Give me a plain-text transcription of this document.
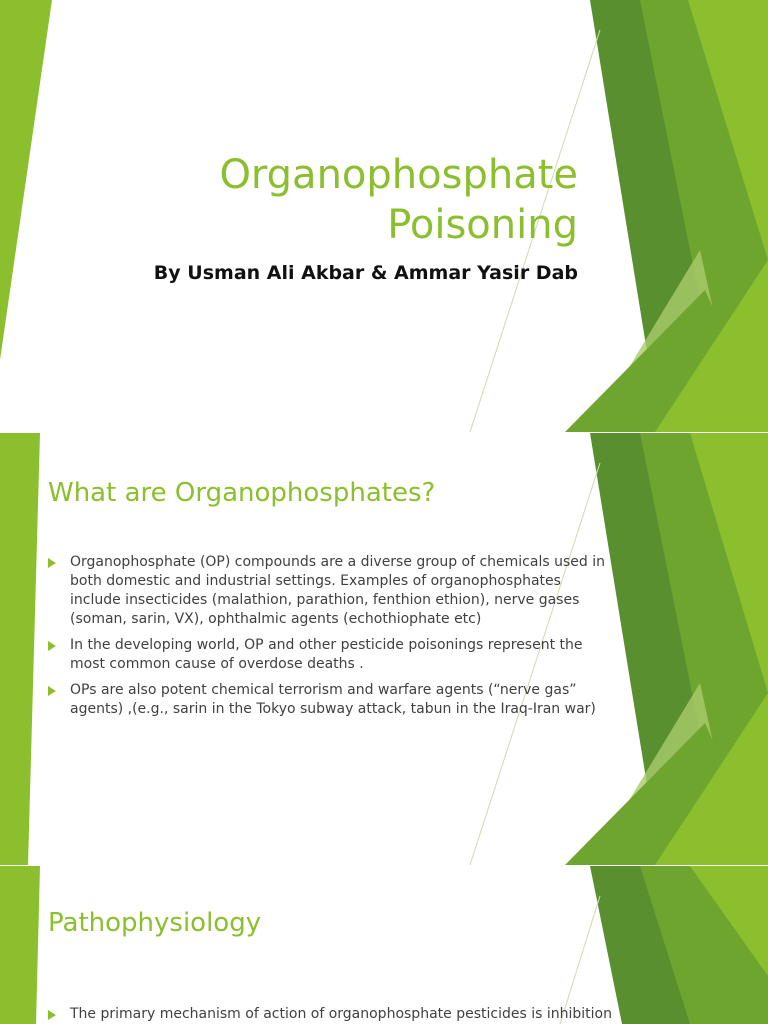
Organophosphate
Poisoning
By Usman Ali Akbar & Ammar Yasir Dab
What are Organophosphates?
Organophosphate (OP) compounds are a diverse group of chemicals used in both domestic and industrial settings. Examples of organophosphates include insecticides (malathion, parathion, fenthion ethion), nerve gases (soman, sarin, VX), ophthalmic agents (echothiophate etc)
In the developing world, OP and other pesticide poisonings represent the most common cause of overdose deaths .
OPs are also potent chemical terrorism and warfare agents (“nerve gas” agents) ,(e.g., sarin in the Tokyo subway attack, tabun in the Iraq-Iran war)
Pathophysiology
The primary mechanism of action of organophosphate pesticides is inhibition
